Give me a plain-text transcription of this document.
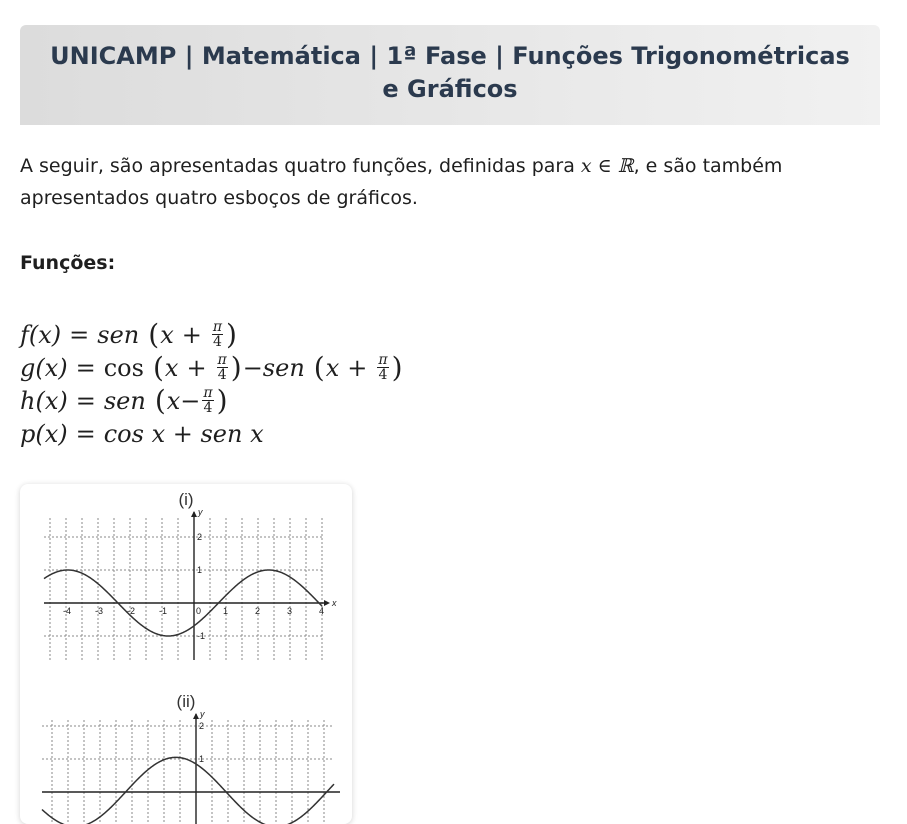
UNICAMP | Matemática | 1ª Fase | Funções Trigonométricas e Gráficos

A seguir, são apresentadas quatro funções, definidas para x ∈ ℝ, e são também apresentados quatro esboços de gráficos.

Funções:
f(x) = sen ( $x + \frac{\pi}{4}$ )
g(x) = cos ( $x + \frac{\pi}{4}$ ) − sen ( $x + \frac{\pi}{4}$ )
h(x) = sen ( $x - \frac{\pi}{4}$ )
p(x) = cos x + sen x
(i)
y
x
-4	-3	-2	-1	0 1	2	3	4
2
1
-1
(ii)
y
2
1
